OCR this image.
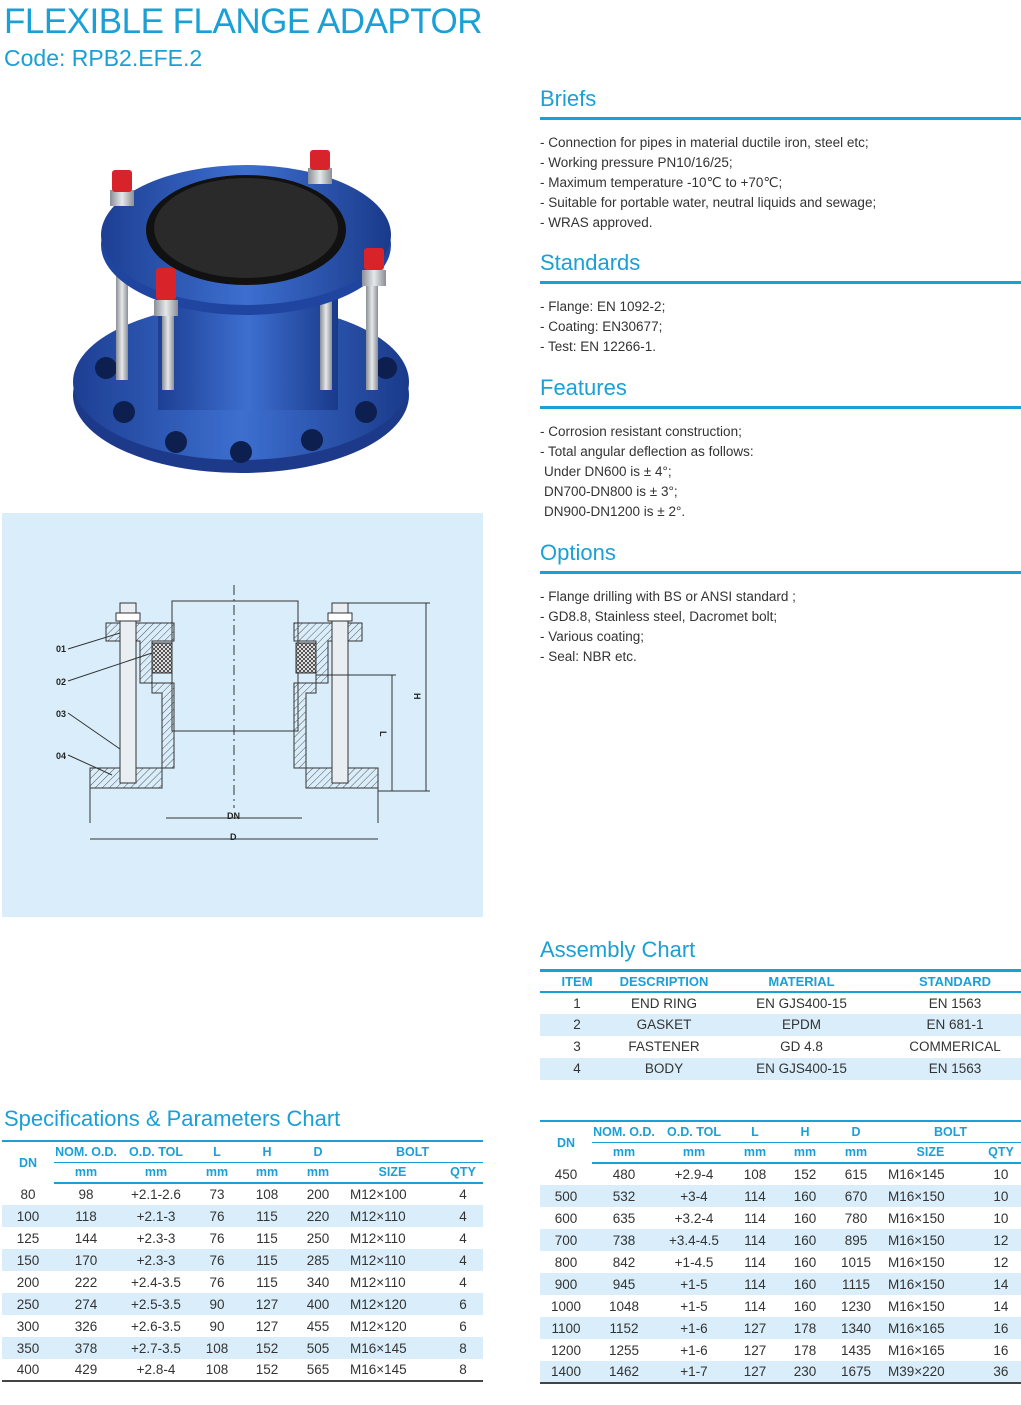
FLEXIBLE FLANGE ADAPTOR
Code: RPB2.EFE.2
01
02
03
04
DN
D
L
H
Briefs
- Connection for pipes in material ductile iron, steel etc;
- Working pressure PN10/16/25;
- Maximum temperature -10℃ to +70℃;
- Suitable for portable water, neutral liquids and sewage;
- WRAS approved.
Standards
- Flange: EN 1092-2;
- Coating: EN30677;
- Test: EN 12266-1.
Features
- Corrosion resistant construction;
- Total angular deflection as follows:
Under DN600 is ± 4°;
DN700-DN800 is ± 3°;
DN900-DN1200 is ± 2°.
Options
- Flange drilling with BS or ANSI standard ;
- GD8.8, Stainless steel, Dacromet bolt;
- Various coating;
- Seal: NBR etc.
Assembly Chart
ITEM	DESCRIPTION	MATERIAL	STANDARD
1	END RING	EN GJS400-15	EN 1563
2	GASKET	EPDM	EN 681-1
3	FASTENER	GD 4.8	COMMERICAL
4	BODY	EN GJS400-15	EN 1563
Specifications & Parameters Chart
DN	NOM. O.D.	O.D. TOL	L	H	D	BOLT	
	mm	mm	mm	mm	mm	SIZE	QTY
80	98	+2.1-2.6	73	108	200	M12×100	4
100	118	+2.1-3	76	115	220	M12×110	4
125	144	+2.3-3	76	115	250	M12×110	4
150	170	+2.3-3	76	115	285	M12×110	4
200	222	+2.4-3.5	76	115	340	M12×110	4
250	274	+2.5-3.5	90	127	400	M12×120	6
300	326	+2.6-3.5	90	127	455	M12×120	6
350	378	+2.7-3.5	108	152	505	M16×145	8
400	429	+2.8-4	108	152	565	M16×145	8
DN	NOM. O.D.	O.D. TOL	L	H	D	BOLT	
	mm	mm	mm	mm	mm	SIZE	QTY
450	480	+2.9-4	108	152	615	M16×145	10
500	532	+3-4	114	160	670	M16×150	10
600	635	+3.2-4	114	160	780	M16×150	10
700	738	+3.4-4.5	114	160	895	M16×150	12
800	842	+1-4.5	114	160	1015	M16×150	12
900	945	+1-5	114	160	1115	M16×150	14
1000	1048	+1-5	114	160	1230	M16×150	14
1100	1152	+1-6	127	178	1340	M16×165	16
1200	1255	+1-6	127	178	1435	M16×165	16
1400	1462	+1-7	127	230	1675	M39×220	36
